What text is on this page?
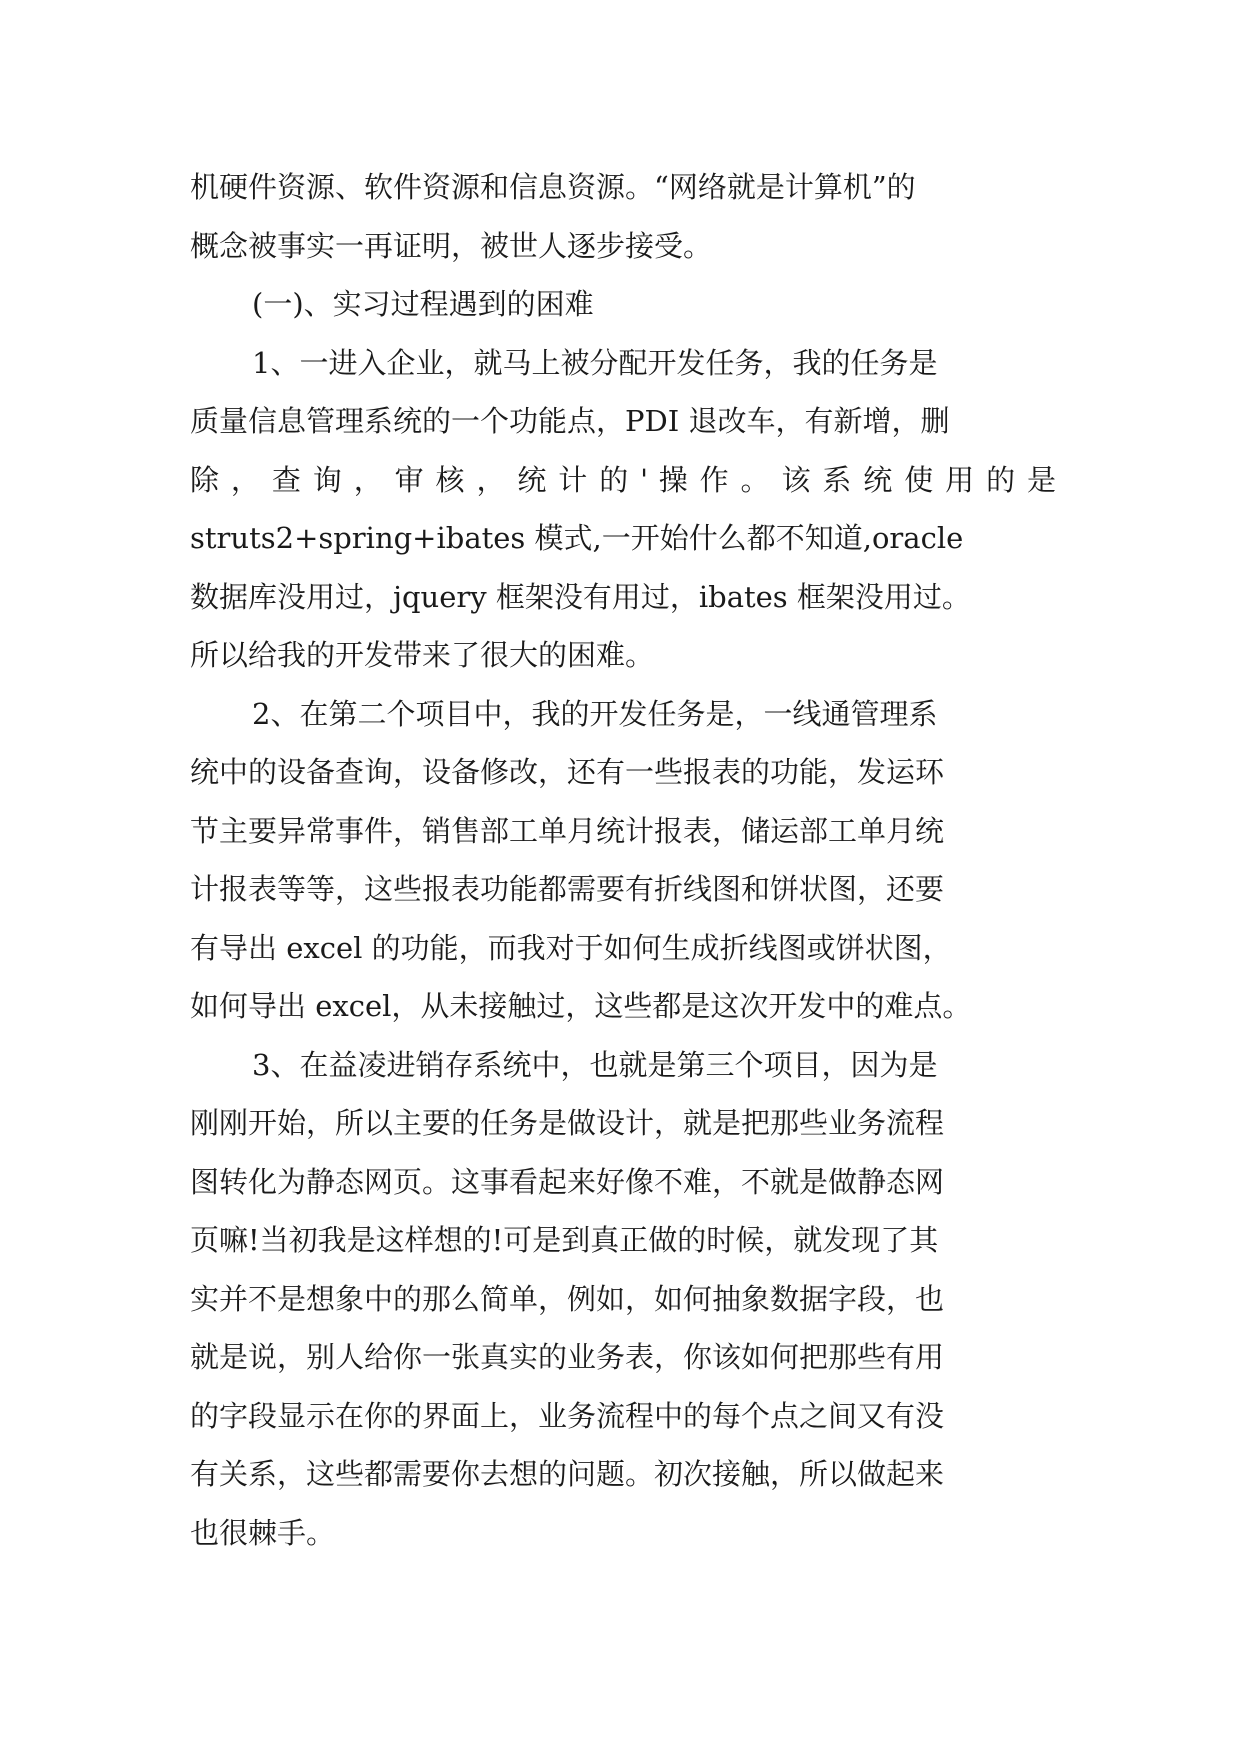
机硬件资源、软件资源和信息资源。“网络就是计算机”的
概念被事实一再证明，被世人逐步接受。
(一)、实习过程遇到的困难
1、一进入企业，就马上被分配开发任务，我的任务是
质量信息管理系统的一个功能点，PDI 退改车，有新增，删
除 ， 查 询 ， 审 核 ， 统 计 的 ' 操 作 。 该 系 统 使 用 的 是
struts2+spring+ibates 模式,一开始什么都不知道,oracle
数据库没用过，jquery 框架没有用过，ibates 框架没用过。
所以给我的开发带来了很大的困难。
2、在第二个项目中，我的开发任务是，一线通管理系
统中的设备查询，设备修改，还有一些报表的功能，发运环
节主要异常事件，销售部工单月统计报表，储运部工单月统
计报表等等，这些报表功能都需要有折线图和饼状图，还要
有导出 excel 的功能，而我对于如何生成折线图或饼状图，
如何导出 excel，从未接触过，这些都是这次开发中的难点。
3、在益凌进销存系统中，也就是第三个项目，因为是
刚刚开始，所以主要的任务是做设计，就是把那些业务流程
图转化为静态网页。这事看起来好像不难，不就是做静态网
页嘛!当初我是这样想的!可是到真正做的时候，就发现了其
实并不是想象中的那么简单，例如，如何抽象数据字段，也
就是说，别人给你一张真实的业务表，你该如何把那些有用
的字段显示在你的界面上，业务流程中的每个点之间又有没
有关系，这些都需要你去想的问题。初次接触，所以做起来
也很棘手。
